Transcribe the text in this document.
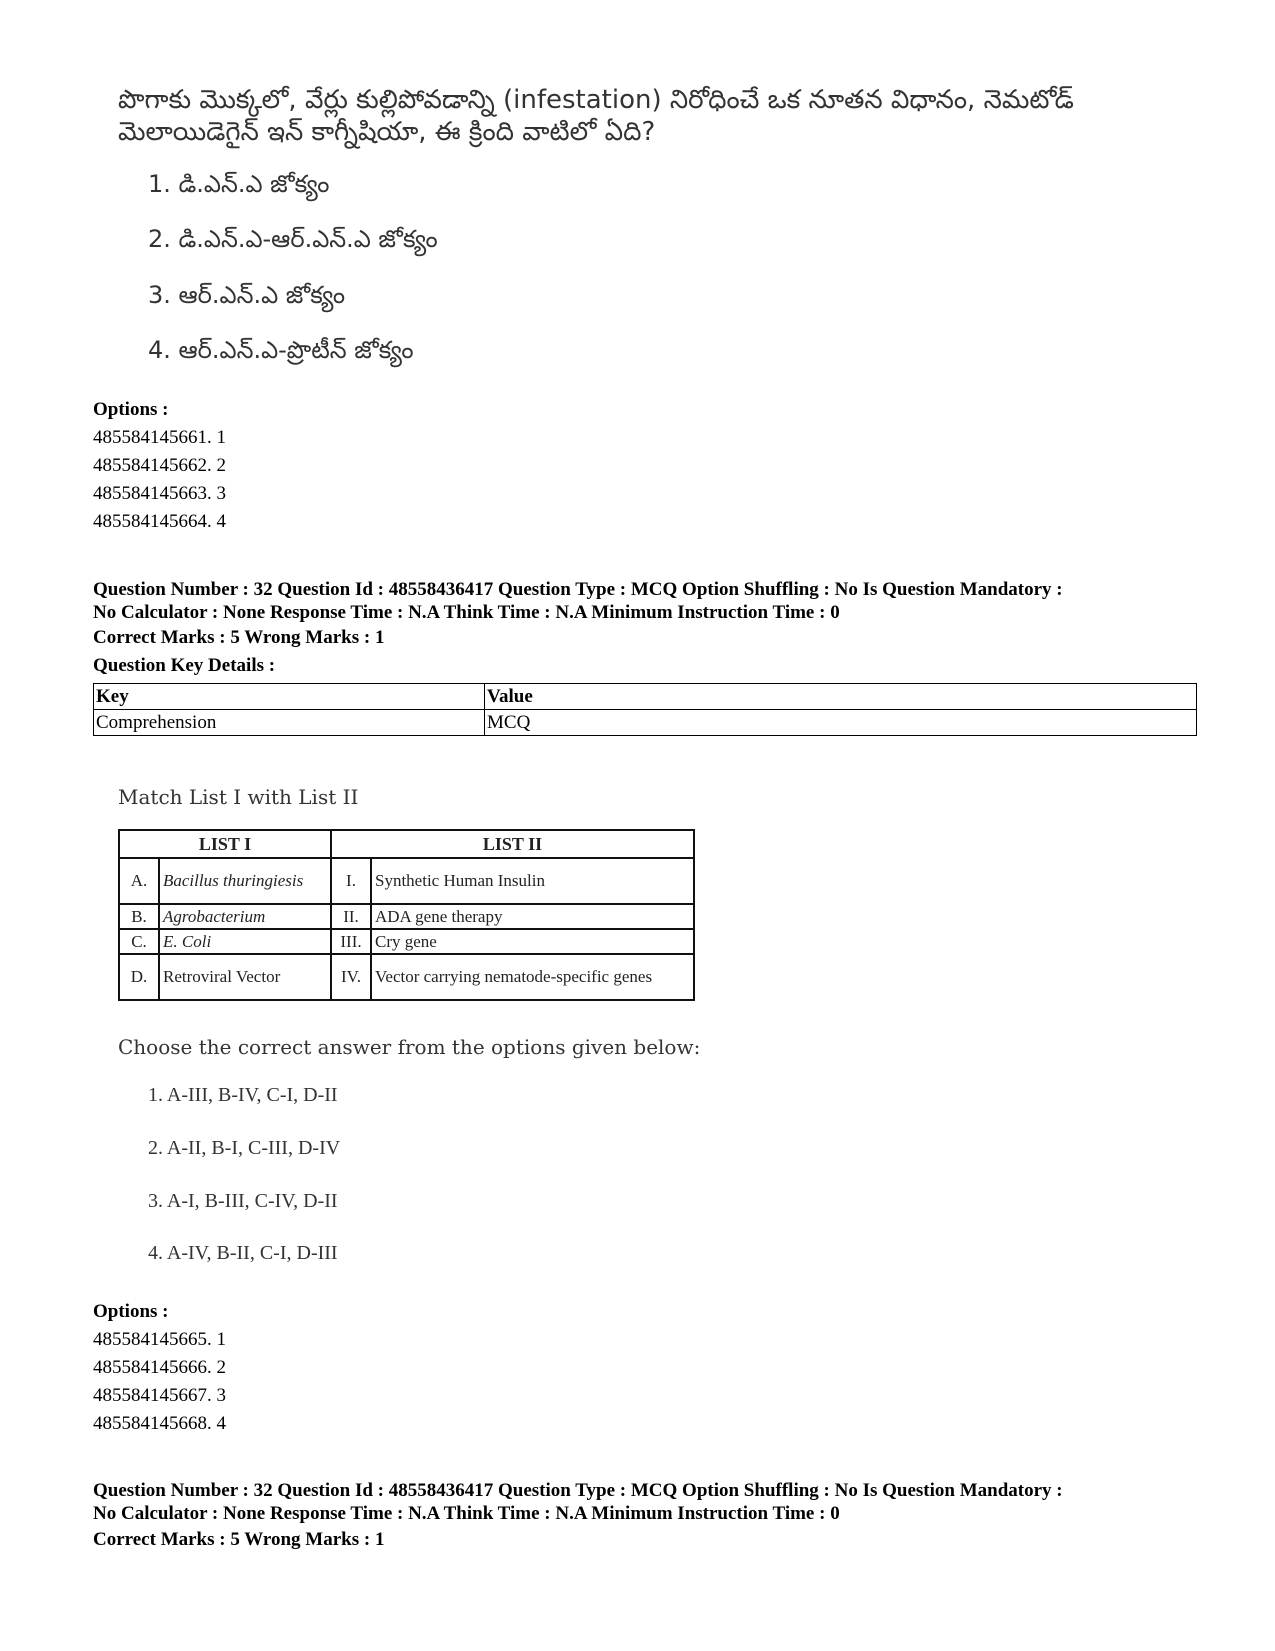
పొగాకు మొక్కలో, వేర్లు కుల్లిపోవడాన్ని (infestation) నిరోధించే ఒక నూతన విధానం, నెమటోడ్ మెలాయిడెగైన్ ఇన్ కాగ్నీషియా, ఈ క్రింది వాటిలో ఏది?
1. డి.ఎన్.ఎ జోక్యం
2. డి.ఎన్.ఎ-ఆర్.ఎన్.ఎ జోక్యం
3. ఆర్.ఎన్.ఎ జోక్యం
4. ఆర్.ఎన్.ఎ-ప్రొటీన్ జోక్యం
Options :
485584145661. 1
485584145662. 2
485584145663. 3
485584145664. 4
Question Number : 32 Question Id : 48558436417 Question Type : MCQ Option Shuffling : No Is Question Mandatory :
No Calculator : None Response Time : N.A Think Time : N.A Minimum Instruction Time : 0
Correct Marks : 5 Wrong Marks : 1
Question Key Details :
Key	Value
Comprehension	MCQ
Match List I with List II
LIST I		LIST II	
A.	Bacillus thuringiesis	I.	Synthetic Human Insulin
B.	Agrobacterium	II.	ADA gene therapy
C.	E. Coli	III.	Cry gene
D.	Retroviral Vector	IV.	Vector carrying nematode-specific genes
Choose the correct answer from the options given below:
1. A-III, B-IV, C-I, D-II
2. A-II, B-I, C-III, D-IV
3. A-I, B-III, C-IV, D-II
4. A-IV, B-II, C-I, D-III
Options :
485584145665. 1
485584145666. 2
485584145667. 3
485584145668. 4
Question Number : 32 Question Id : 48558436417 Question Type : MCQ Option Shuffling : No Is Question Mandatory :
No Calculator : None Response Time : N.A Think Time : N.A Minimum Instruction Time : 0
Correct Marks : 5 Wrong Marks : 1
